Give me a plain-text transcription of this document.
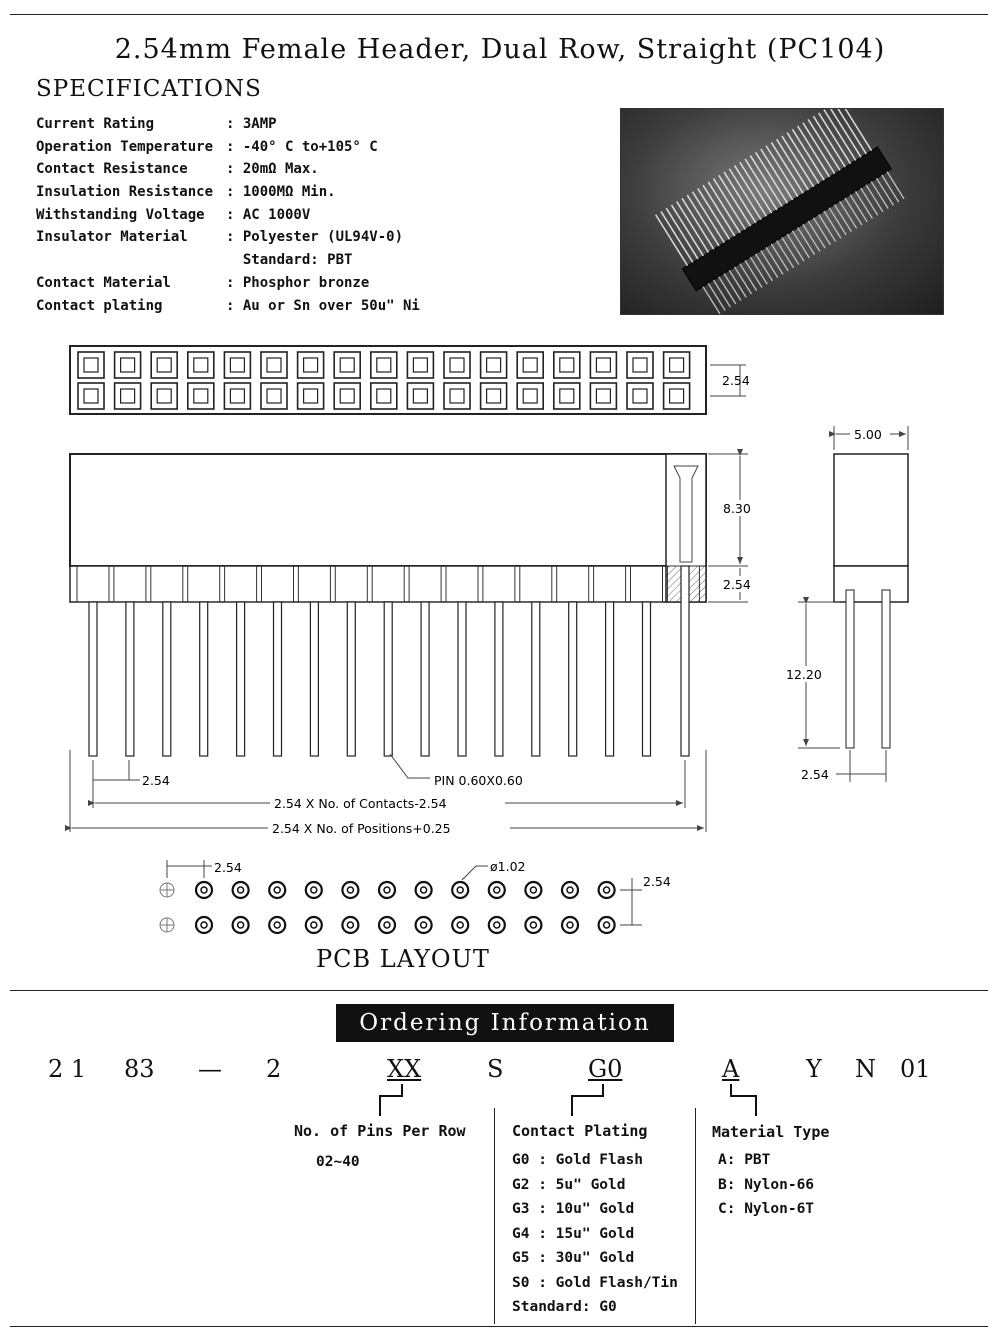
2.54mm Female Header, Dual Row, Straight (PC104)
SPECIFICATIONS
Current Rating	: 3AMP
Operation Temperature : -40° C to+105° C
Contact Resistance	: 20mΩ Max.
Insulation Resistance : 1000MΩ Min.
Withstanding Voltage	: AC 1000V
Insulator Material	: Polyester (UL94V-0)
Standard: PBT
Contact Material	: Phosphor bronze
Contact plating	: Au or Sn over 50u" Ni
2.54
8.30
2.54
2.54	PIN 0.60X0.60
2.54 X No. of Contacts-2.54
2.54 X No. of Positions+0.25
5.00
12.20
2.54
2.54	ø1.02
2.54
PCB LAYOUT
Ordering Information
2 1 83 — 2	XX	S	G0	A	Y N 01
No. of Pins Per Row
02~40
Contact Plating
G0 : Gold Flash
G2 : 5u" Gold
G3 : 10u" Gold
G4 : 15u" Gold
G5 : 30u" Gold
S0 : Gold Flash/Tin
Standard: G0
Material Type
A: PBT
B: Nylon-66
C: Nylon-6T
